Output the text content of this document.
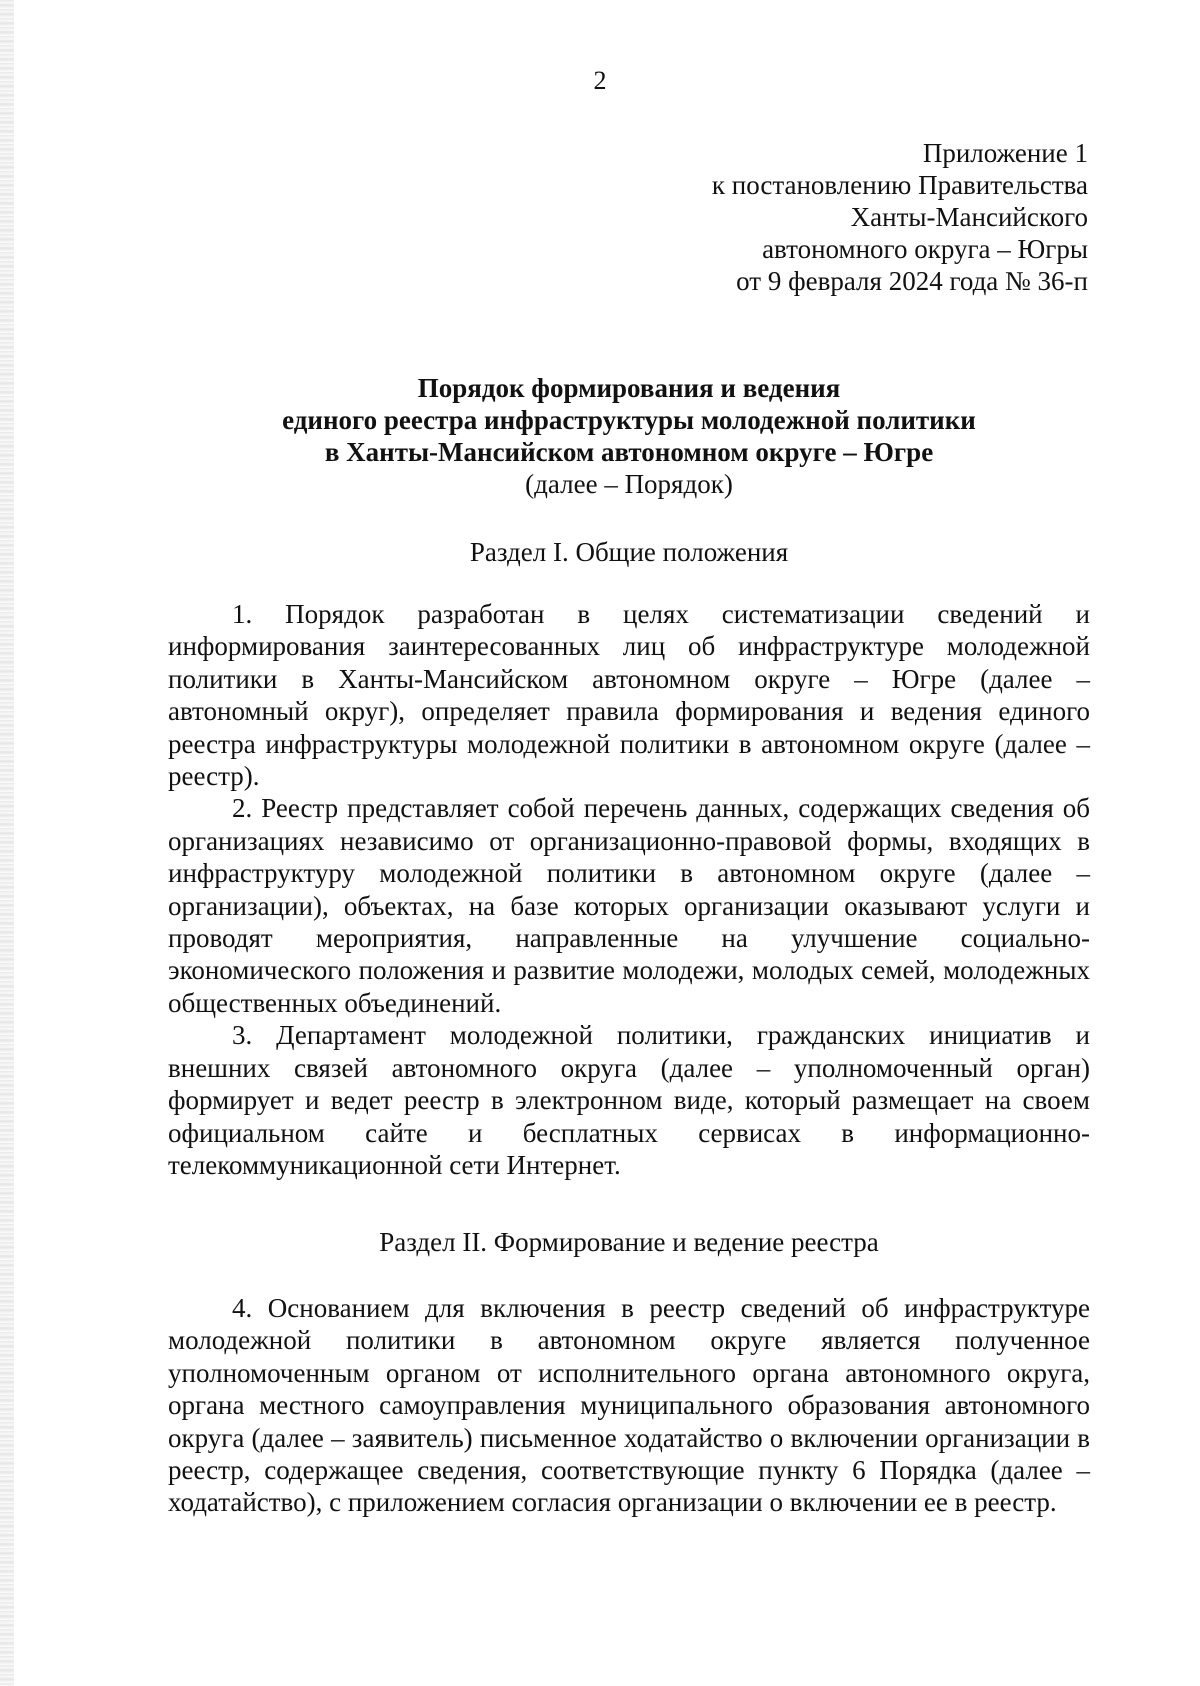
2
Приложение 1
к постановлению Правительства
Ханты-Мансийского
автономного округа – Югры
от 9 февраля 2024 года № 36-п
Порядок формирования и ведения
единого реестра инфраструктуры молодежной политики
в Ханты-Мансийском автономном округе – Югре
(далее – Порядок)
Раздел I. Общие положения

1. Порядок разработан в целях систематизации сведений и информирования заинтересованных лиц об инфраструктуре молодежной политики в Ханты-Мансийском автономном округе – Югре (далее – автономный округ), определяет правила формирования и ведения единого реестра инфраструктуры молодежной политики в автономном округе (далее – реестр).

2. Реестр представляет собой перечень данных, содержащих сведения об организациях независимо от организационно-правовой формы, входящих в инфраструктуру молодежной политики в автономном округе (далее – организации), объектах, на базе которых организации оказывают услуги и проводят мероприятия, направленные на улучшение социально-экономического положения и развитие молодежи, молодых семей, молодежных общественных объединений.

3. Департамент молодежной политики, гражданских инициатив и внешних связей автономного округа (далее – уполномоченный орган) формирует и ведет реестр в электронном виде, который размещает на своем официальном сайте и бесплатных сервисах в информационно-телекоммуникационной сети Интернет.

Раздел II. Формирование и ведение реестра

4. Основанием для включения в реестр сведений об инфраструктуре молодежной политики в автономном округе является полученное уполномоченным органом от исполнительного органа автономного округа, органа местного самоуправления муниципального образования автономного округа (далее – заявитель) письменное ходатайство о включении организации в реестр, содержащее сведения, соответствующие пункту 6 Порядка (далее – ходатайство), с приложением согласия организации о включении ее в реестр.
